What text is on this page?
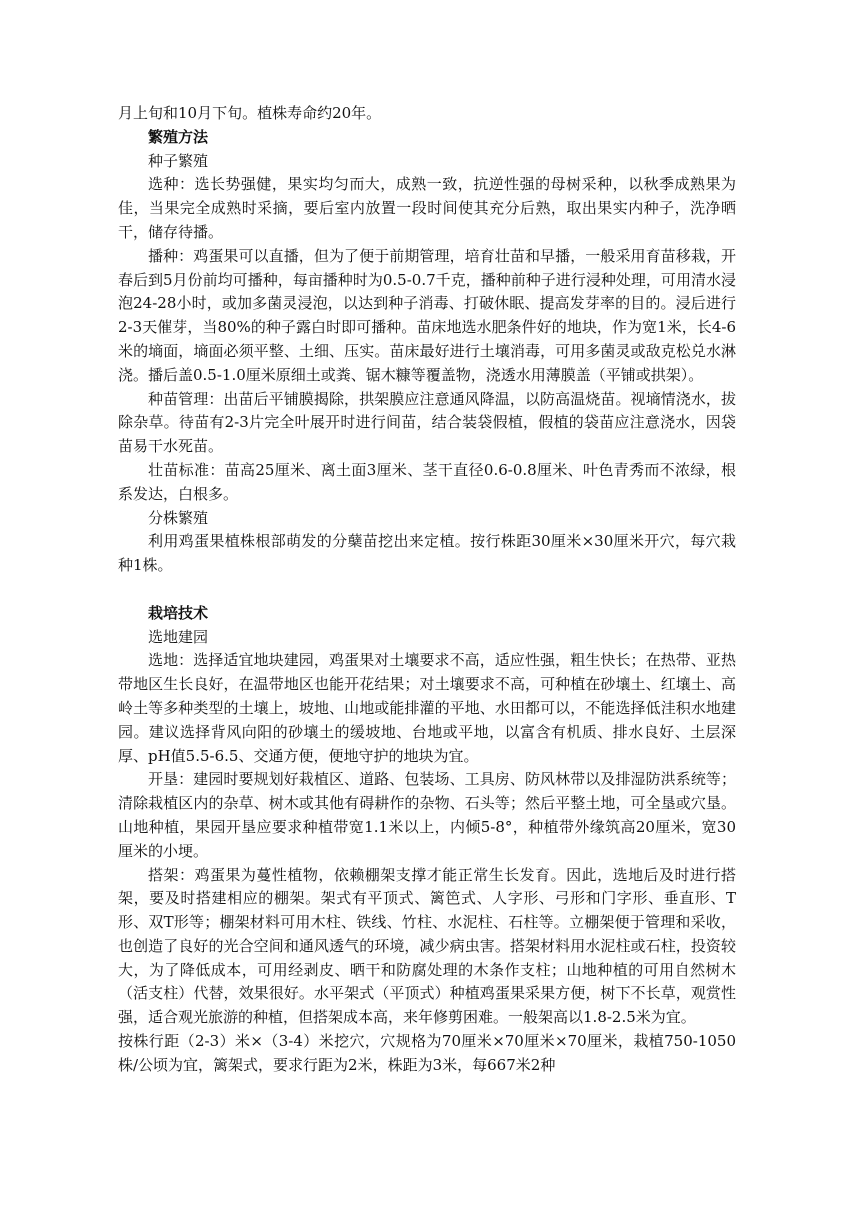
月上旬和10月下旬。植株寿命约20年。

繁殖方法

种子繁殖

选种：选长势强健，果实均匀而大，成熟一致，抗逆性强的母树采种，以秋季成熟果为佳，当果完全成熟时采摘，要后室内放置一段时间使其充分后熟，取出果实内种子，洗净晒干，储存待播。

播种：鸡蛋果可以直播，但为了便于前期管理，培育壮苗和早播，一般采用育苗移栽，开春后到5月份前均可播种，每亩播种时为0.5-0.7千克，播种前种子进行浸种处理，可用清水浸泡24-28小时，或加多菌灵浸泡，以达到种子消毒、打破休眠、提高发芽率的目的。浸后进行2-3天催芽，当80%的种子露白时即可播种。苗床地选水肥条件好的地块，作为宽1米，长4-6米的墒面，墒面必须平整、土细、压实。苗床最好进行土壤消毒，可用多菌灵或敌克松兑水淋浇。播后盖0.5-1.0厘米原细土或粪、锯木糠等覆盖物，浇透水用薄膜盖（平铺或拱架）。

种苗管理：出苗后平铺膜揭除，拱架膜应注意通风降温，以防高温烧苗。视墒情浇水，拔除杂草。待苗有2-3片完全叶展开时进行间苗，结合装袋假植，假植的袋苗应注意浇水，因袋苗易干水死苗。

壮苗标准：苗高25厘米、离土面3厘米、茎干直径0.6-0.8厘米、叶色青秀而不浓绿，根系发达，白根多。

分株繁殖

利用鸡蛋果植株根部萌发的分蘖苗挖出来定植。按行株距30厘米×30厘米开穴，每穴栽种1株。

栽培技术

选地建园

选地：选择适宜地块建园，鸡蛋果对土壤要求不高，适应性强，粗生快长；在热带、亚热带地区生长良好，在温带地区也能开花结果；对土壤要求不高，可种植在砂壤土、红壤土、高岭土等多种类型的土壤上，坡地、山地或能排灌的平地、水田都可以，不能选择低洼积水地建园。建议选择背风向阳的砂壤土的缓坡地、台地或平地，以富含有机质、排水良好、土层深厚、pH值5.5-6.5、交通方便，便地守护的地块为宜。

开垦：建园时要规划好栽植区、道路、包装场、工具房、防风林带以及排湿防洪系统等；清除栽植区内的杂草、树木或其他有碍耕作的杂物、石头等；然后平整土地，可全垦或穴垦。山地种植，果园开垦应要求种植带宽1.1米以上，内倾5-8°，种植带外缘筑高20厘米，宽30厘米的小埂。

搭架：鸡蛋果为蔓性植物，依赖棚架支撑才能正常生长发育。因此，选地后及时进行搭架，要及时搭建相应的棚架。架式有平顶式、篱笆式、人字形、弓形和门字形、垂直形、T形、双T形等；棚架材料可用木柱、铁线、竹柱、水泥柱、石柱等。立棚架便于管理和采收，也创造了良好的光合空间和通风透气的环境，减少病虫害。搭架材料用水泥柱或石柱，投资较大，为了降低成本，可用经剥皮、晒干和防腐处理的木条作支柱；山地种植的可用自然树木（活支柱）代替，效果很好。水平架式（平顶式）种植鸡蛋果采果方便，树下不长草，观赏性强，适合观光旅游的种植，但搭架成本高，来年修剪困难。一般架高以1.8-2.5米为宜。

按株行距（2-3）米×（3-4）米挖穴，穴规格为70厘米×70厘米×70厘米，栽植750-1050株/公顷为宜，篱架式，要求行距为2米，株距为3米，每667米2种
